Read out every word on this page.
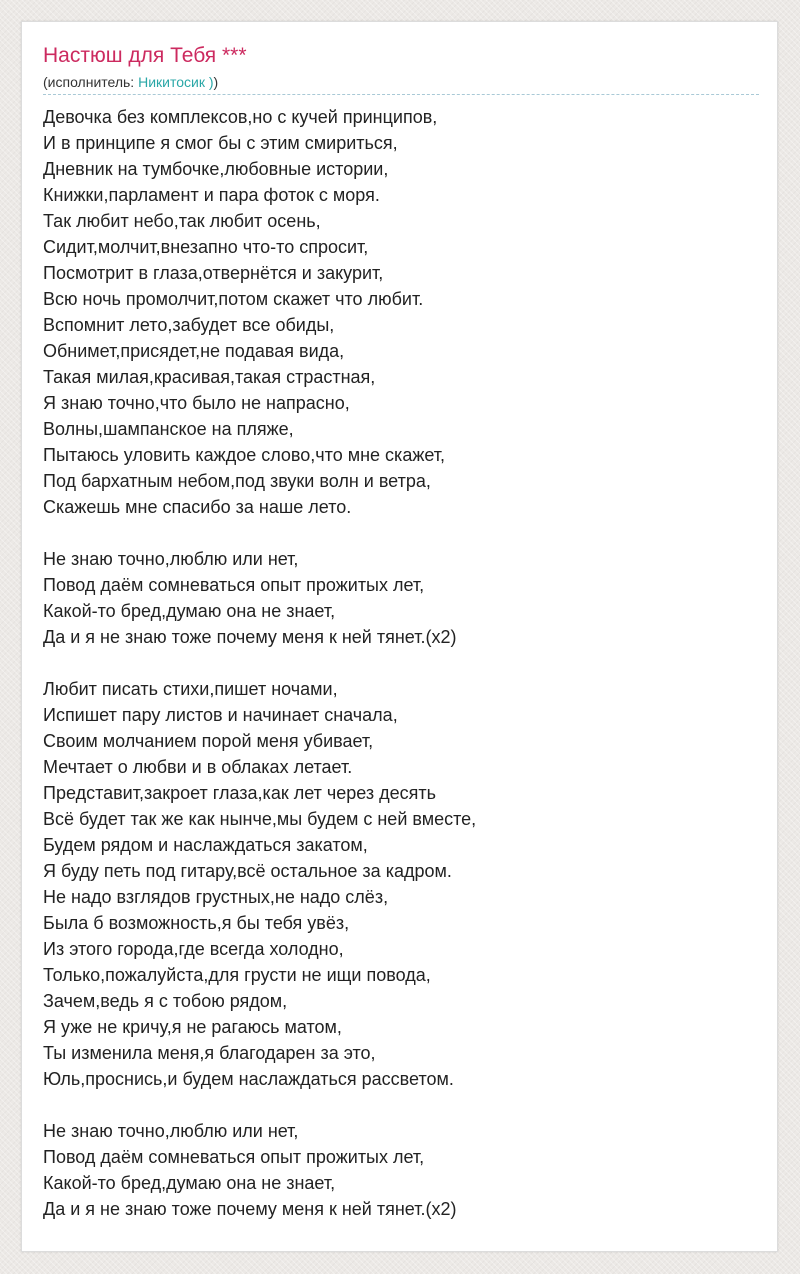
Настюш для Тебя ***
(исполнитель: Никитосик ))
Девочка без комплексов,но с кучей принципов,
И в принципе я смог бы с этим смириться,
Дневник на тумбочке,любовные истории,
Книжки,парламент и пара фоток с моря.
Так любит небо,так любит осень,
Сидит,молчит,внезапно что-то спросит,
Посмотрит в глаза,отвернётся и закурит,
Всю ночь промолчит,потом скажет что любит.
Вспомнит лето,забудет все обиды,
Обнимет,присядет,не подавая вида,
Такая милая,красивая,такая страстная,
Я знаю точно,что было не напрасно,
Волны,шампанское на пляже,
Пытаюсь уловить каждое слово,что мне скажет,
Под бархатным небом,под звуки волн и ветра,
Скажешь мне спасибо за наше лето.
Не знаю точно,люблю или нет,
Повод даём сомневаться опыт прожитых лет,
Какой-то бред,думаю она не знает,
Да и я не знаю тоже почему меня к ней тянет.(x2)
Любит писать стихи,пишет ночами,
Испишет пару листов и начинает сначала,
Своим молчанием порой меня убивает,
Мечтает о любви и в облаках летает.
Представит,закроет глаза,как лет через десять
Всё будет так же как нынче,мы будем с ней вместе,
Будем рядом и наслаждаться закатом,
Я буду петь под гитару,всё остальное за кадром.
Не надо взглядов грустных,не надо слёз,
Была б возможность,я бы тебя увёз,
Из этого города,где всегда холодно,
Только,пожалуйста,для грусти не ищи повода,
Зачем,ведь я с тобою рядом,
Я уже не кричу,я не рагаюсь матом,
Ты изменила меня,я благодарен за это,
Юль,проснись,и будем наслаждаться рассветом.
Не знаю точно,люблю или нет,
Повод даём сомневаться опыт прожитых лет,
Какой-то бред,думаю она не знает,
Да и я не знаю тоже почему меня к ней тянет.(x2)
